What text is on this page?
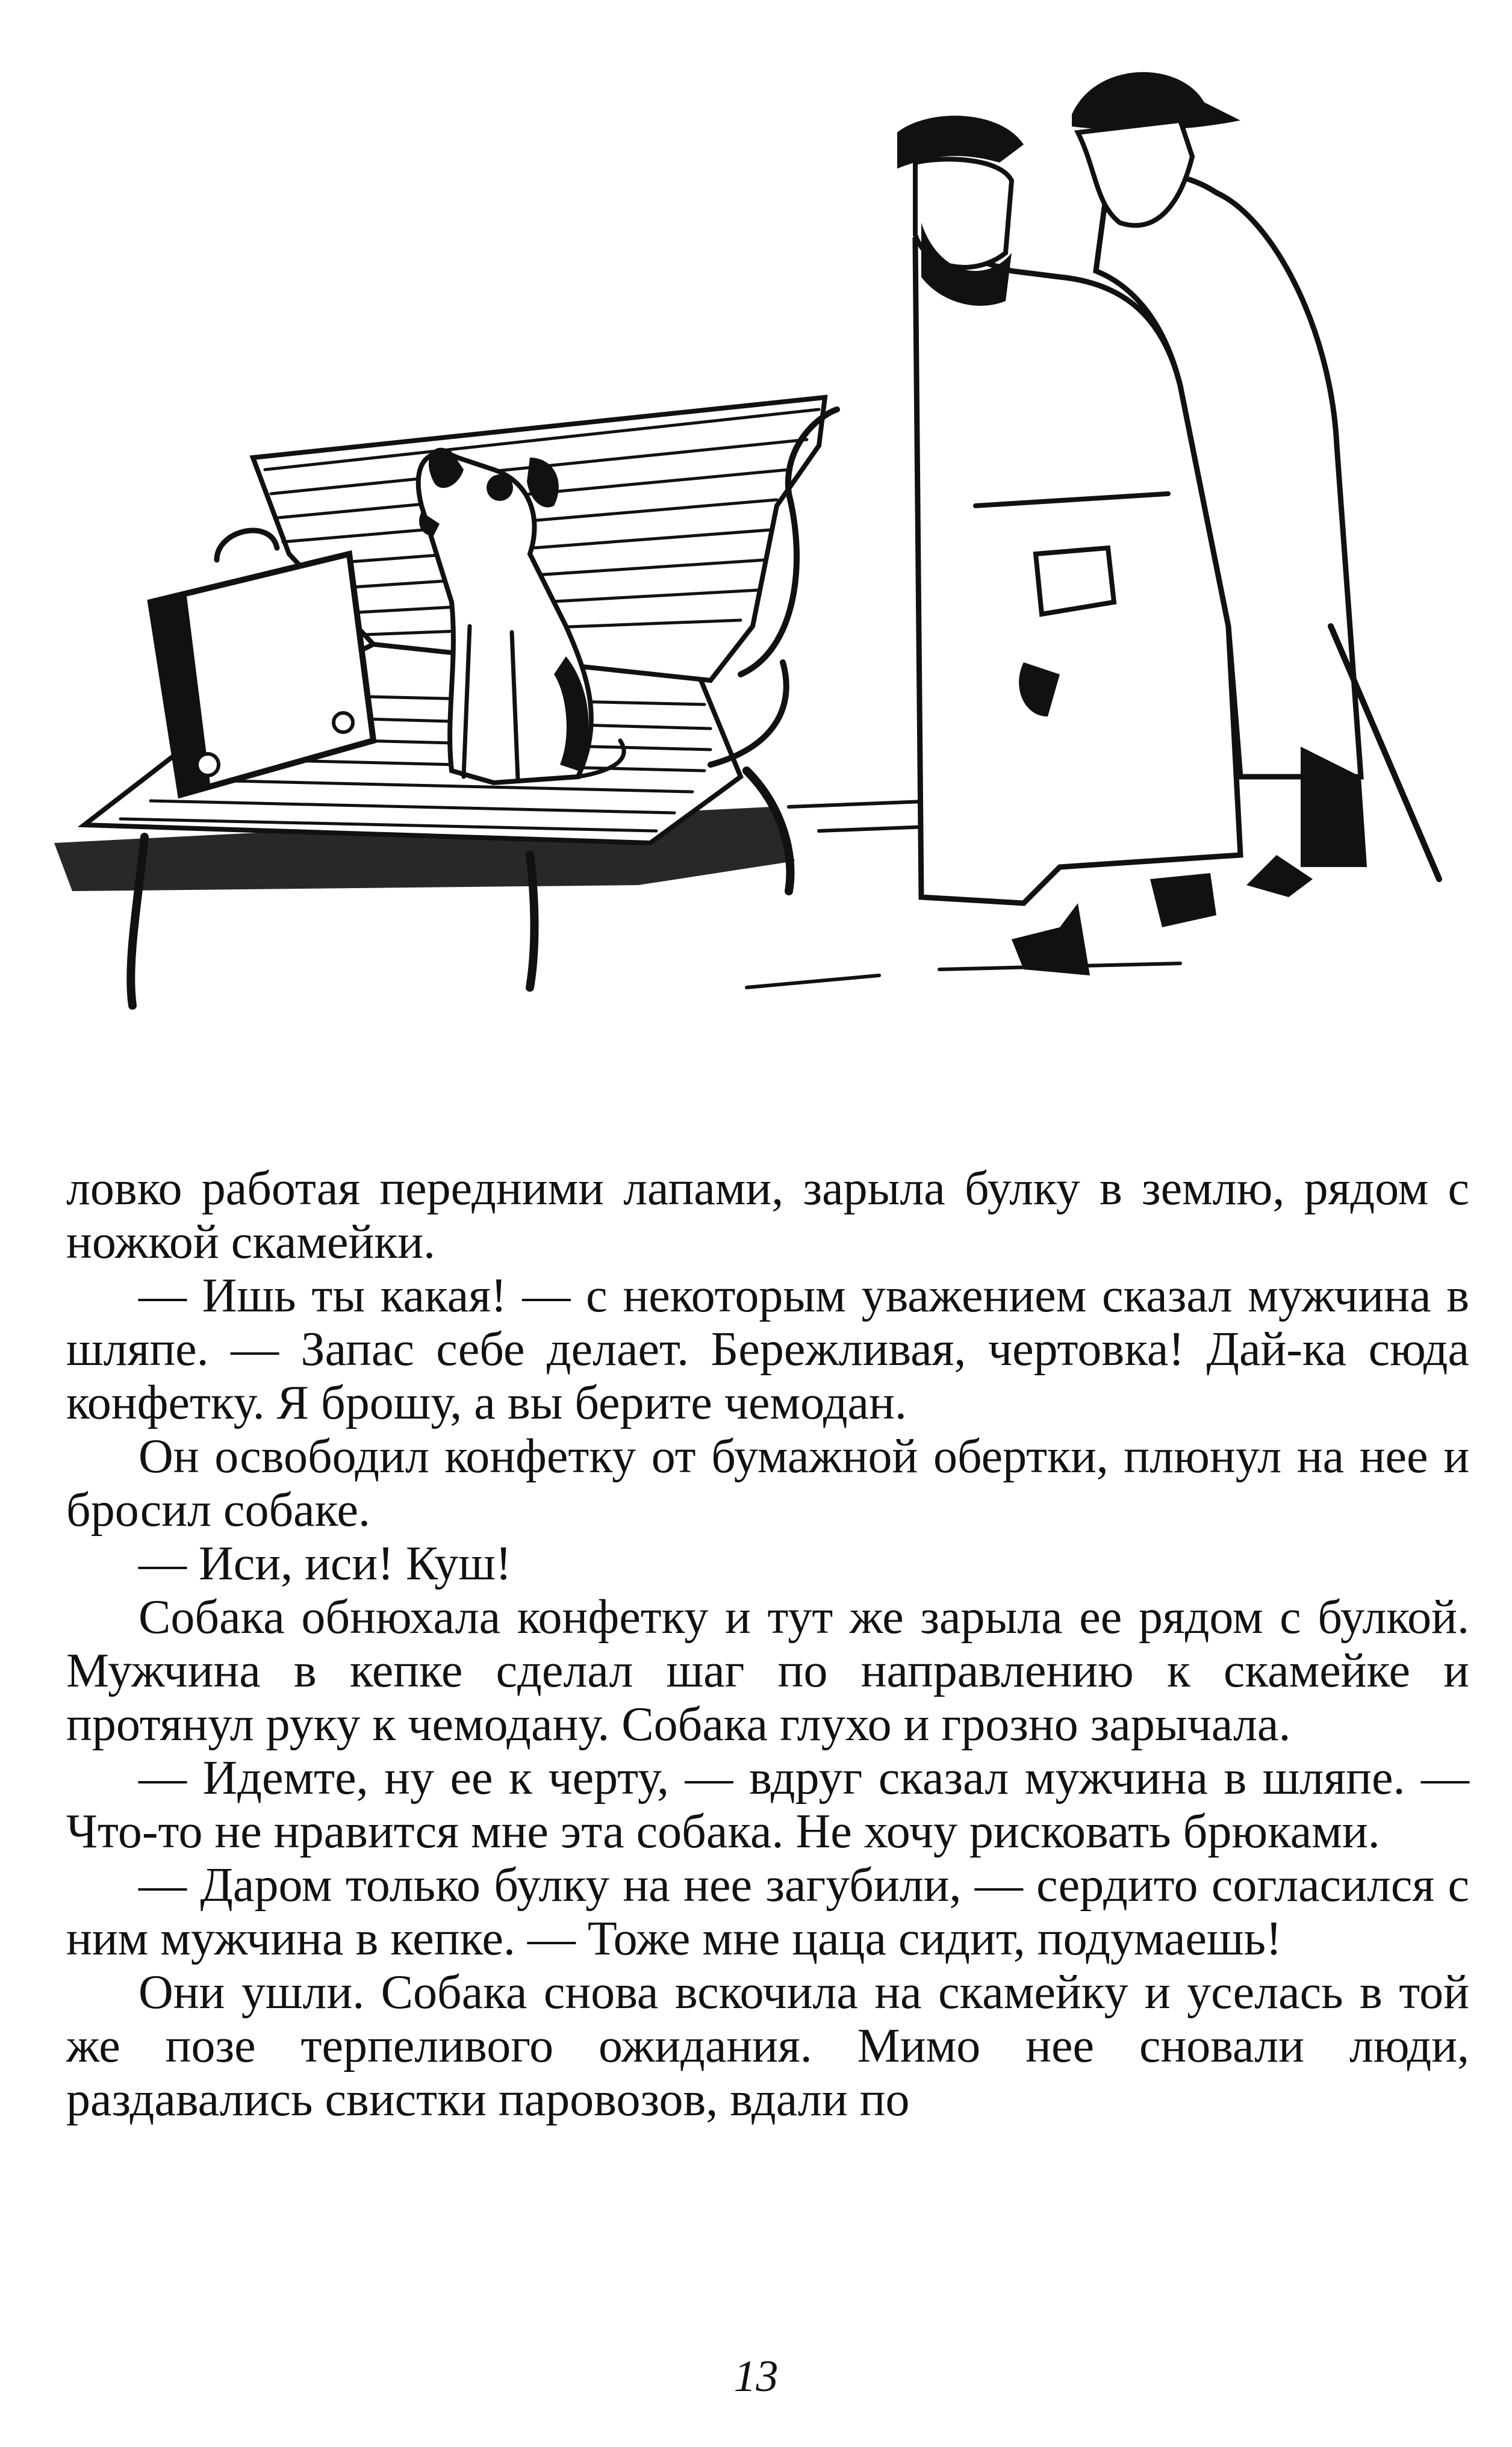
ловко работая передними лапами, зарыла булку в землю, рядом с ножкой скамейки.

— Ишь ты какая! — с некоторым уважением сказал мужчина в шляпе. — Запас себе делает. Бережливая, чертовка! Дай-ка сюда конфетку. Я брошу, а вы берите чемодан.

Он освободил конфетку от бумажной обертки, плюнул на нее и бросил собаке.

— Иси, иси! Куш!

Собака обнюхала конфетку и тут же зарыла ее рядом с булкой. Мужчина в кепке сделал шаг по направлению к скамейке и протянул руку к чемодану. Собака глухо и грозно зарычала.

— Идемте, ну ее к черту, — вдруг сказал мужчина в шляпе. — Что-то не нравится мне эта собака. Не хочу рисковать брюками.

— Даром только булку на нее загубили, — сердито согласился с ним мужчина в кепке. — Тоже мне цаца сидит, подумаешь!

Они ушли. Собака снова вскочила на скамейку и уселась в той же позе терпеливого ожидания. Мимо нее сновали люди, раздавались свистки паровозов, вдали по

13
